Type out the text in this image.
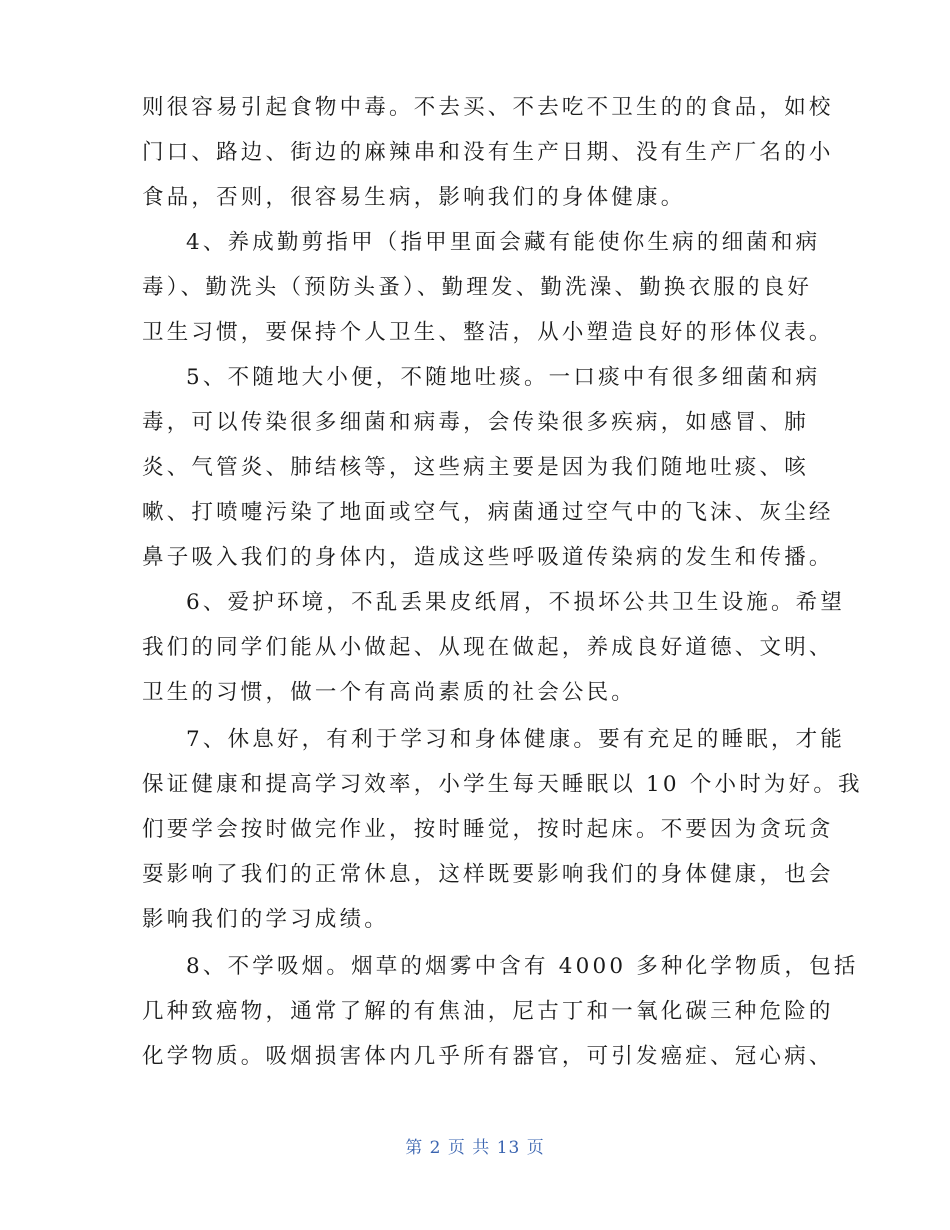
则很容易引起食物中毒。不去买、不去吃不卫生的的食品，如校
门口、路边、街边的麻辣串和没有生产日期、没有生产厂名的小
食品，否则，很容易生病，影响我们的身体健康。
4、养成勤剪指甲（指甲里面会藏有能使你生病的细菌和病
毒）、勤洗头（预防头蚤）、勤理发、勤洗澡、勤换衣服的良好
卫生习惯，要保持个人卫生、整洁，从小塑造良好的形体仪表。
5、不随地大小便，不随地吐痰。一口痰中有很多细菌和病
毒，可以传染很多细菌和病毒，会传染很多疾病，如感冒、肺
炎、气管炎、肺结核等，这些病主要是因为我们随地吐痰、咳
嗽、打喷嚏污染了地面或空气，病菌通过空气中的飞沫、灰尘经
鼻子吸入我们的身体内，造成这些呼吸道传染病的发生和传播。
6、爱护环境，不乱丢果皮纸屑，不损坏公共卫生设施。希望
我们的同学们能从小做起、从现在做起，养成良好道德、文明、
卫生的习惯，做一个有高尚素质的社会公民。
7、休息好，有利于学习和身体健康。要有充足的睡眠，才能
保证健康和提高学习效率，小学生每天睡眠以 10 个小时为好。我
们要学会按时做完作业，按时睡觉，按时起床。不要因为贪玩贪
耍影响了我们的正常休息，这样既要影响我们的身体健康，也会
影响我们的学习成绩。
8、不学吸烟。烟草的烟雾中含有 4000 多种化学物质，包括
几种致癌物，通常了解的有焦油，尼古丁和一氧化碳三种危险的
化学物质。吸烟损害体内几乎所有器官，可引发癌症、冠心病、
第 2 页 共 13 页
